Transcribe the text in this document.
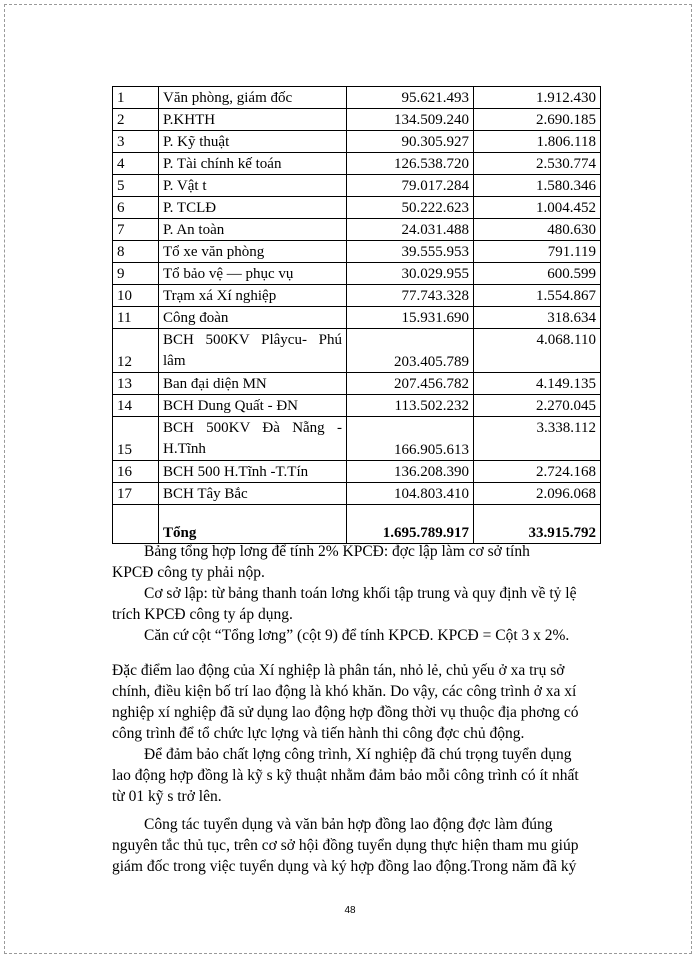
1	Văn phòng, giám đốc	95.621.493	1.912.430
2	P.KHTH	134.509.240	2.690.185
3	P. Kỹ thuật	90.305.927	1.806.118
4	P. Tài chính kế toán	126.538.720	2.530.774
5	P. Vật t	79.017.284	1.580.346
6	P. TCLĐ	50.222.623	1.004.452
7	P. An toàn	24.031.488	480.630
8	Tổ xe văn phòng	39.555.953	791.119
9	Tổ bảo vệ — phục vụ	30.029.955	600.599
10	Trạm xá Xí nghiệp	77.743.328	1.554.867
11	Công đoàn	15.931.690	318.634
12	BCH 500KV Plâycu- Phú lâm	203.405.789	4.068.110
13	Ban đại diện MN	207.456.782	4.149.135
14	BCH Dung Quất - ĐN	113.502.232	2.270.045
15	BCH 500KV Đà Nẵng - H.Tĩnh	166.905.613	3.338.112
16	BCH 500 H.Tĩnh -T.Tín	136.208.390	2.724.168
17	BCH Tây Bắc	104.803.410	2.096.068
	Tổng	1.695.789.917	33.915.792
Bảng tổng hợp lơng để tính 2% KPCĐ: đợc lập làm cơ sở tính
KPCĐ công ty phải nộp.
Cơ sở lập: từ bảng thanh toán lơng khối tập trung và quy định về tỷ lệ
trích KPCĐ công ty áp dụng.
Căn cứ cột “Tổng lơng” (cột 9) để tính KPCĐ. KPCĐ = Cột 3 x 2%.
Đặc điểm lao động của Xí nghiệp là phân tán, nhỏ lẻ, chủ yếu ở xa trụ sở
chính, điều kiện bố trí lao động là khó khăn. Do vậy, các công trình ở xa xí
nghiệp xí nghiệp đã sử dụng lao động hợp đồng thời vụ thuộc địa phơng có
công trình để tổ chức lực lợng và tiến hành thi công đợc chủ động.
Để đảm bảo chất lợng công trình, Xí nghiệp đã chú trọng tuyển dụng
lao động hợp đồng là kỹ s kỹ thuật nhằm đảm bảo mỗi công trình có ít nhất
từ 01 kỹ s trở lên.
Công tác tuyển dụng và văn bản hợp đồng lao động đợc làm đúng
nguyên tắc thủ tục, trên cơ sở hội đồng tuyển dụng thực hiện tham mu giúp
giám đốc trong việc tuyển dụng và ký hợp đồng lao động.Trong năm đã ký
48
